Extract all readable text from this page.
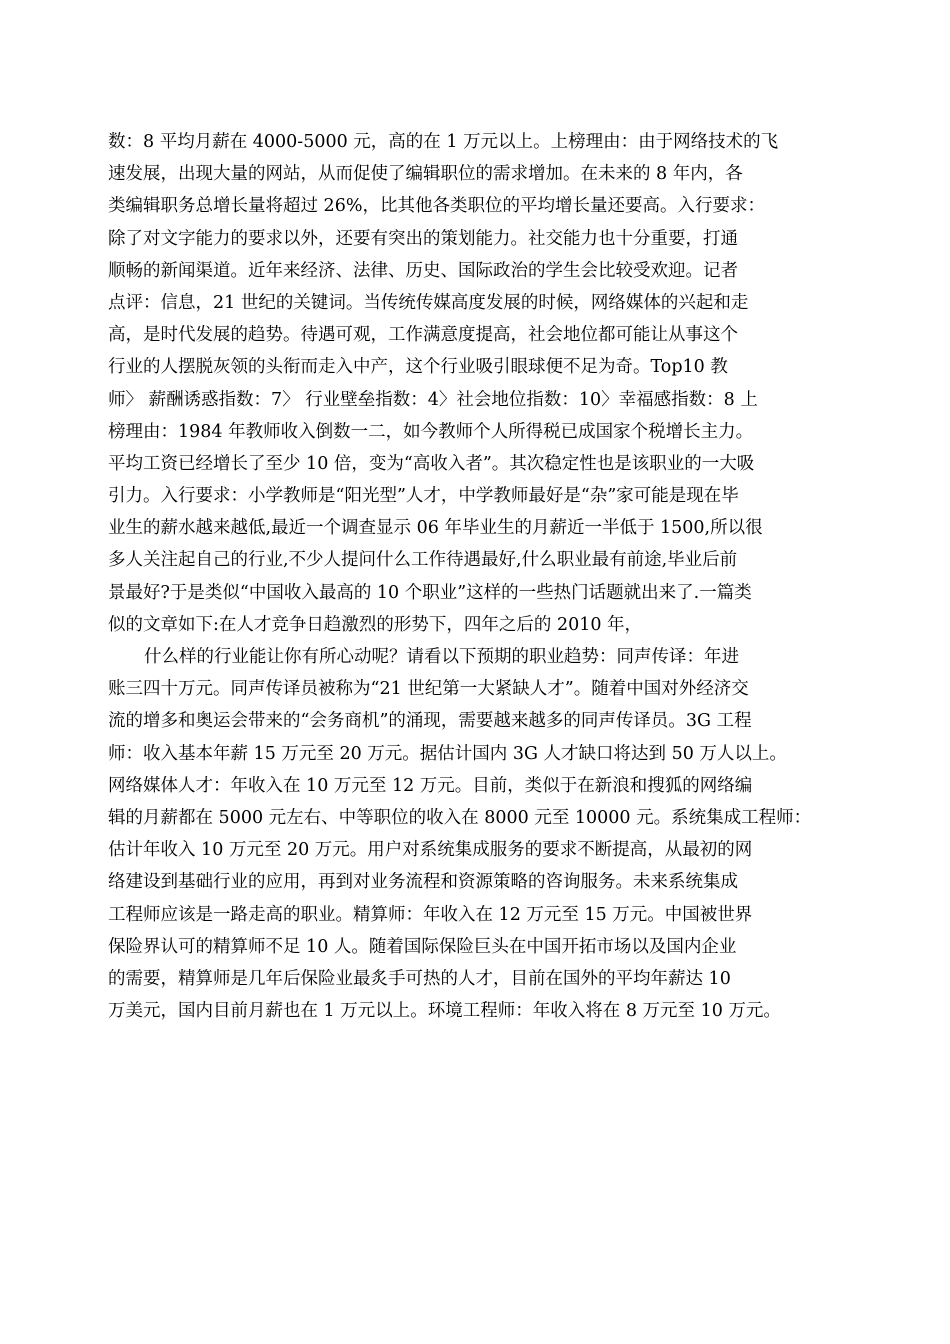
数：8 平均月薪在 4000-5000 元，高的在 1 万元以上。上榜理由：由于网络技术的飞
速发展，出现大量的网站，从而促使了编辑职位的需求增加。在未来的 8 年内，各
类编辑职务总增长量将超过 26%，比其他各类职位的平均增长量还要高。入行要求：
除了对文字能力的要求以外，还要有突出的策划能力。社交能力也十分重要，打通
顺畅的新闻渠道。近年来经济、法律、历史、国际政治的学生会比较受欢迎。记者
点评：信息，21 世纪的关键词。当传统传媒高度发展的时候，网络媒体的兴起和走
高，是时代发展的趋势。待遇可观，工作满意度提高，社会地位都可能让从事这个
行业的人摆脱灰领的头衔而走入中产，这个行业吸引眼球便不足为奇。Top10 教
师〉 薪酬诱惑指数：7〉 行业壁垒指数：4〉社会地位指数：10〉幸福感指数：8 上
榜理由：1984 年教师收入倒数一二，如今教师个人所得税已成国家个税增长主力。
平均工资已经增长了至少 10 倍，变为“高收入者”。其次稳定性也是该职业的一大吸
引力。入行要求：小学教师是“阳光型”人才，中学教师最好是“杂”家可能是现在毕
业生的薪水越来越低,最近一个调查显示 06 年毕业生的月薪近一半低于 1500,所以很
多人关注起自己的行业,不少人提问什么工作待遇最好,什么职业最有前途,毕业后前
景最好?于是类似“中国收入最高的 10 个职业”这样的一些热门话题就出来了.一篇类
似的文章如下:在人才竞争日趋激烈的形势下，四年之后的 2010 年，
什么样的行业能让你有所心动呢？请看以下预期的职业趋势：同声传译：年进
账三四十万元。同声传译员被称为“21 世纪第一大紧缺人才”。随着中国对外经济交
流的增多和奥运会带来的“会务商机”的涌现，需要越来越多的同声传译员。3G 工程
师：收入基本年薪 15 万元至 20 万元。据估计国内 3G 人才缺口将达到 50 万人以上。
网络媒体人才：年收入在 10 万元至 12 万元。目前，类似于在新浪和搜狐的网络编
辑的月薪都在 5000 元左右、中等职位的收入在 8000 元至 10000 元。系统集成工程师：
估计年收入 10 万元至 20 万元。用户对系统集成服务的要求不断提高，从最初的网
络建设到基础行业的应用，再到对业务流程和资源策略的咨询服务。未来系统集成
工程师应该是一路走高的职业。精算师：年收入在 12 万元至 15 万元。中国被世界
保险界认可的精算师不足 10 人。随着国际保险巨头在中国开拓市场以及国内企业
的需要，精算师是几年后保险业最炙手可热的人才，目前在国外的平均年薪达 10
万美元，国内目前月薪也在 1 万元以上。环境工程师：年收入将在 8 万元至 10 万元。
